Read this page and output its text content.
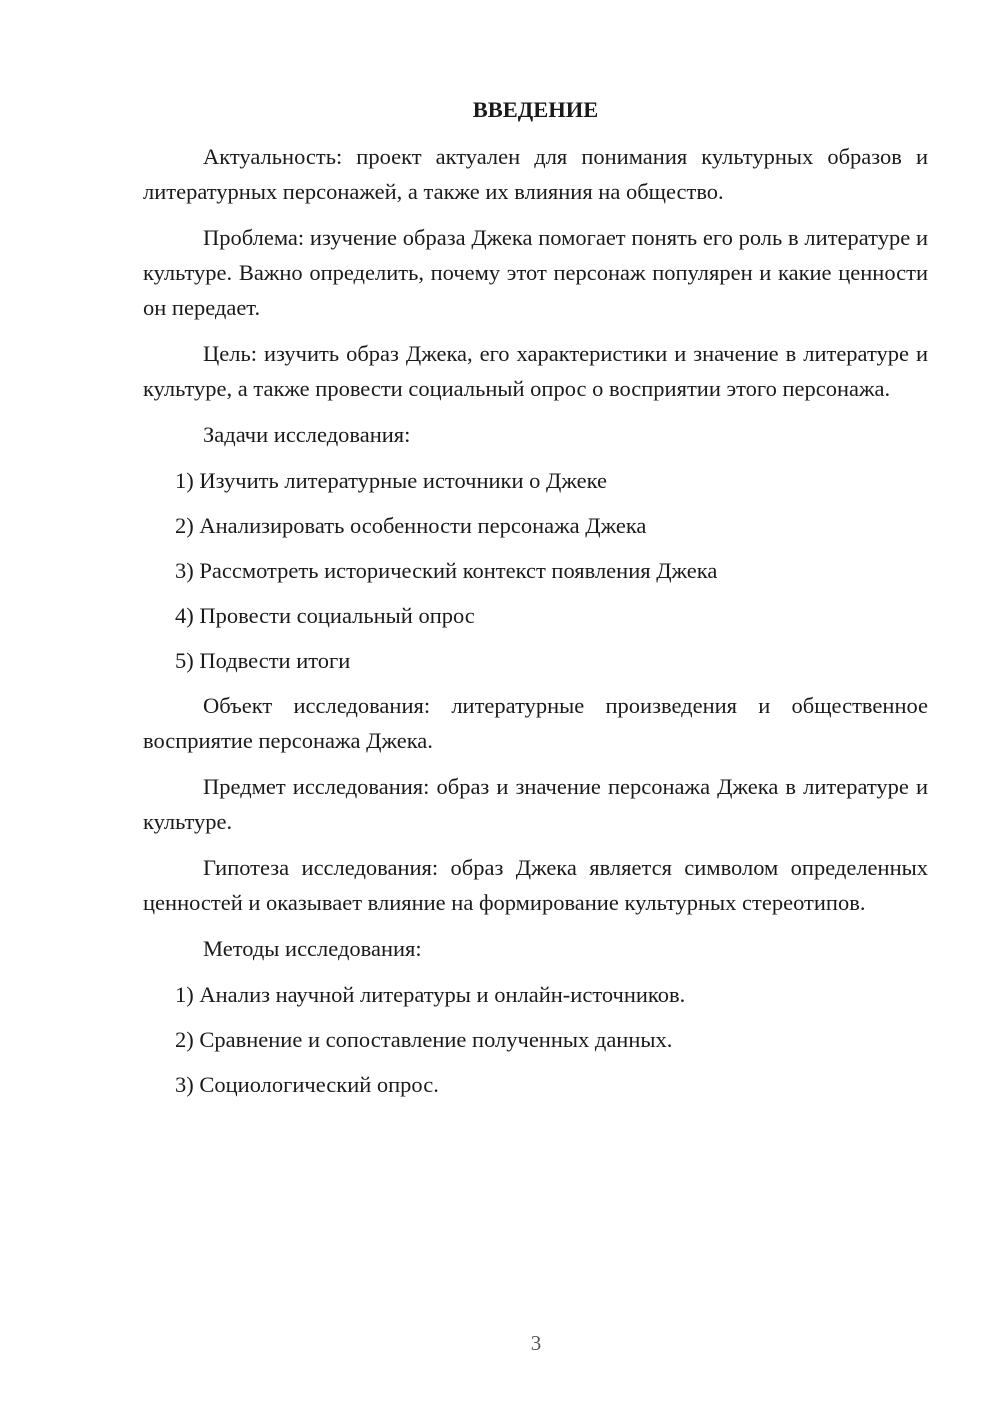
ВВЕДЕНИЕ
Актуальность: проект актуален для понимания культурных образов и литературных персонажей, а также их влияния на общество.
Проблема: изучение образа Джека помогает понять его роль в литературе и культуре. Важно определить, почему этот персонаж популярен и какие ценности он передает.
Цель: изучить образ Джека, его характеристики и значение в литературе и культуре, а также провести социальный опрос о восприятии этого персонажа.
Задачи исследования:
1) Изучить литературные источники о Джеке
2) Анализировать особенности персонажа Джека
3) Рассмотреть исторический контекст появления Джека
4) Провести социальный опрос
5) Подвести итоги
Объект исследования: литературные произведения и общественное восприятие персонажа Джека.
Предмет исследования: образ и значение персонажа Джека в литературе и культуре.
Гипотеза исследования: образ Джека является символом определенных ценностей и оказывает влияние на формирование культурных стереотипов.
Методы исследования:
1) Анализ научной литературы и онлайн-источников.
2) Сравнение и сопоставление полученных данных.
3) Социологический опрос.
3
